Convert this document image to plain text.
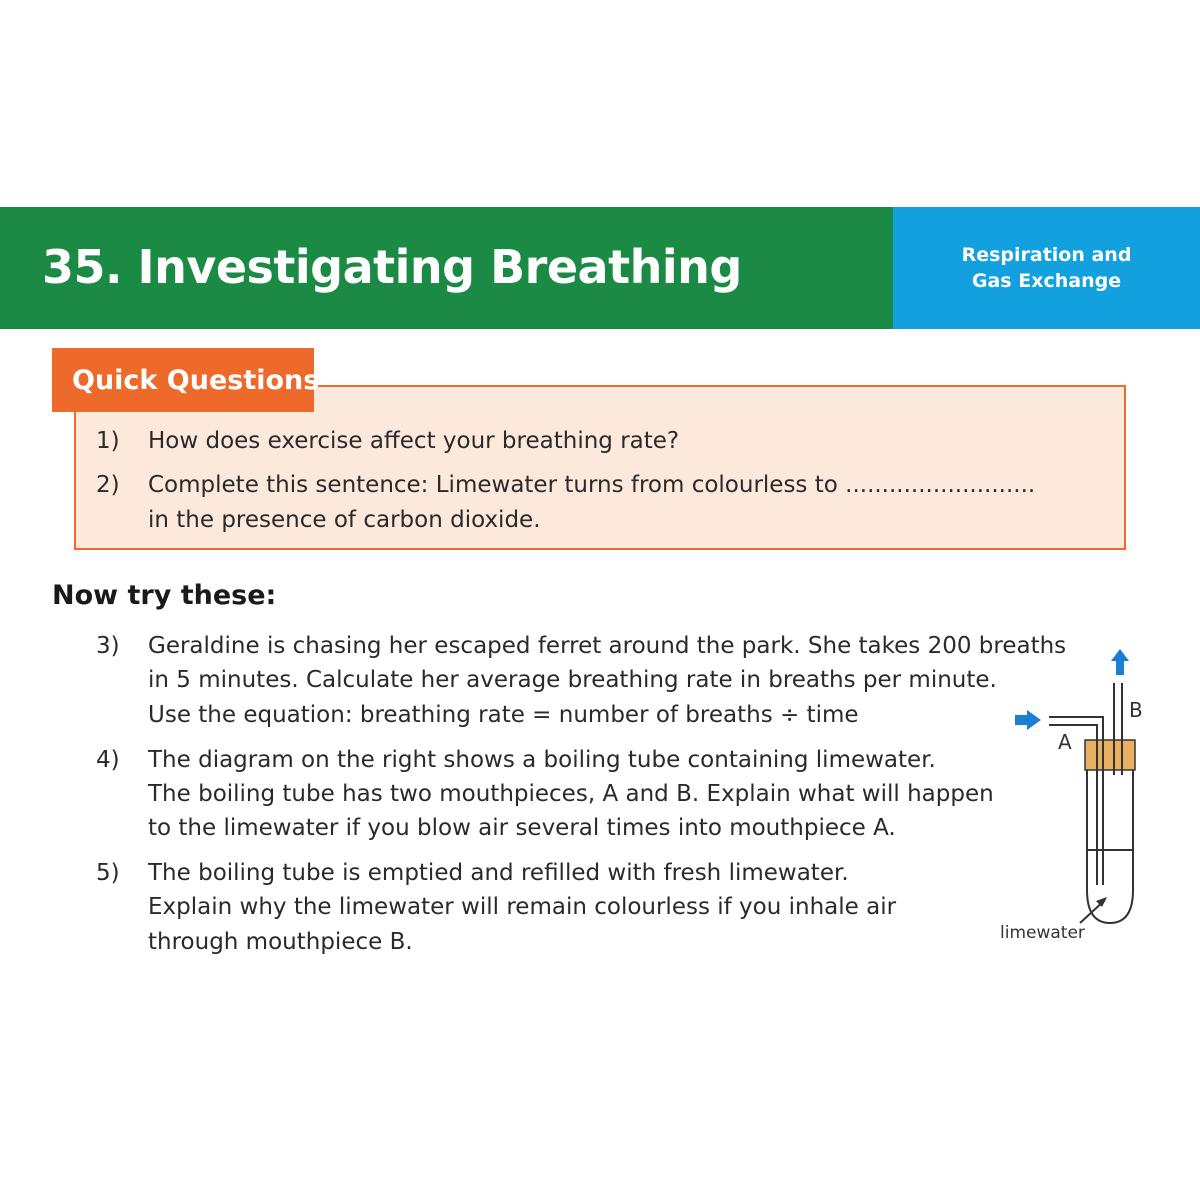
35. Investigating Breathing	Respiration and
Gas Exchange
Quick Questions
1)	How does exercise affect your breathing rate?
2)	Complete this sentence: Limewater turns from colourless to ..........................
in the presence of carbon dioxide.
Now try these:
3)	Geraldine is chasing her escaped ferret around the park. She takes 200 breaths
in 5 minutes. Calculate her average breathing rate in breaths per minute.
Use the equation: breathing rate = number of breaths ÷ time
4)	The diagram on the right shows a boiling tube containing limewater.
The boiling tube has two mouthpieces, A and B. Explain what will happen
to the limewater if you blow air several times into mouthpiece A.
5)	The boiling tube is emptied and refilled with fresh limewater.
Explain why the limewater will remain colourless if you inhale air
through mouthpiece B.
A
B
limewater
